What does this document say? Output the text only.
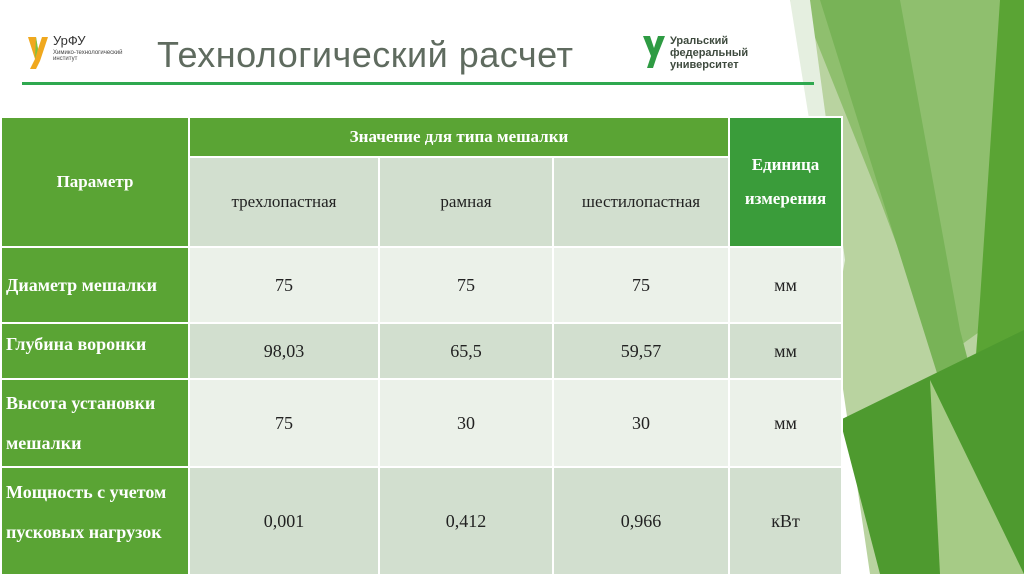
УрФУ
Химико-технологический институт	Технологический расчет	Уральский
федеральный
университет
Параметр	Значение для типа мешалки			Единица измерения
	трехлопастная	рамная	шестилопастная	
Диаметр мешалки	75	75	75	мм
Глубина воронки	98,03	65,5	59,57	мм
Высота установки мешалки	75	30	30	мм
Мощность с учетом пусковых нагрузок	0,001	0,412	0,966	кВт
